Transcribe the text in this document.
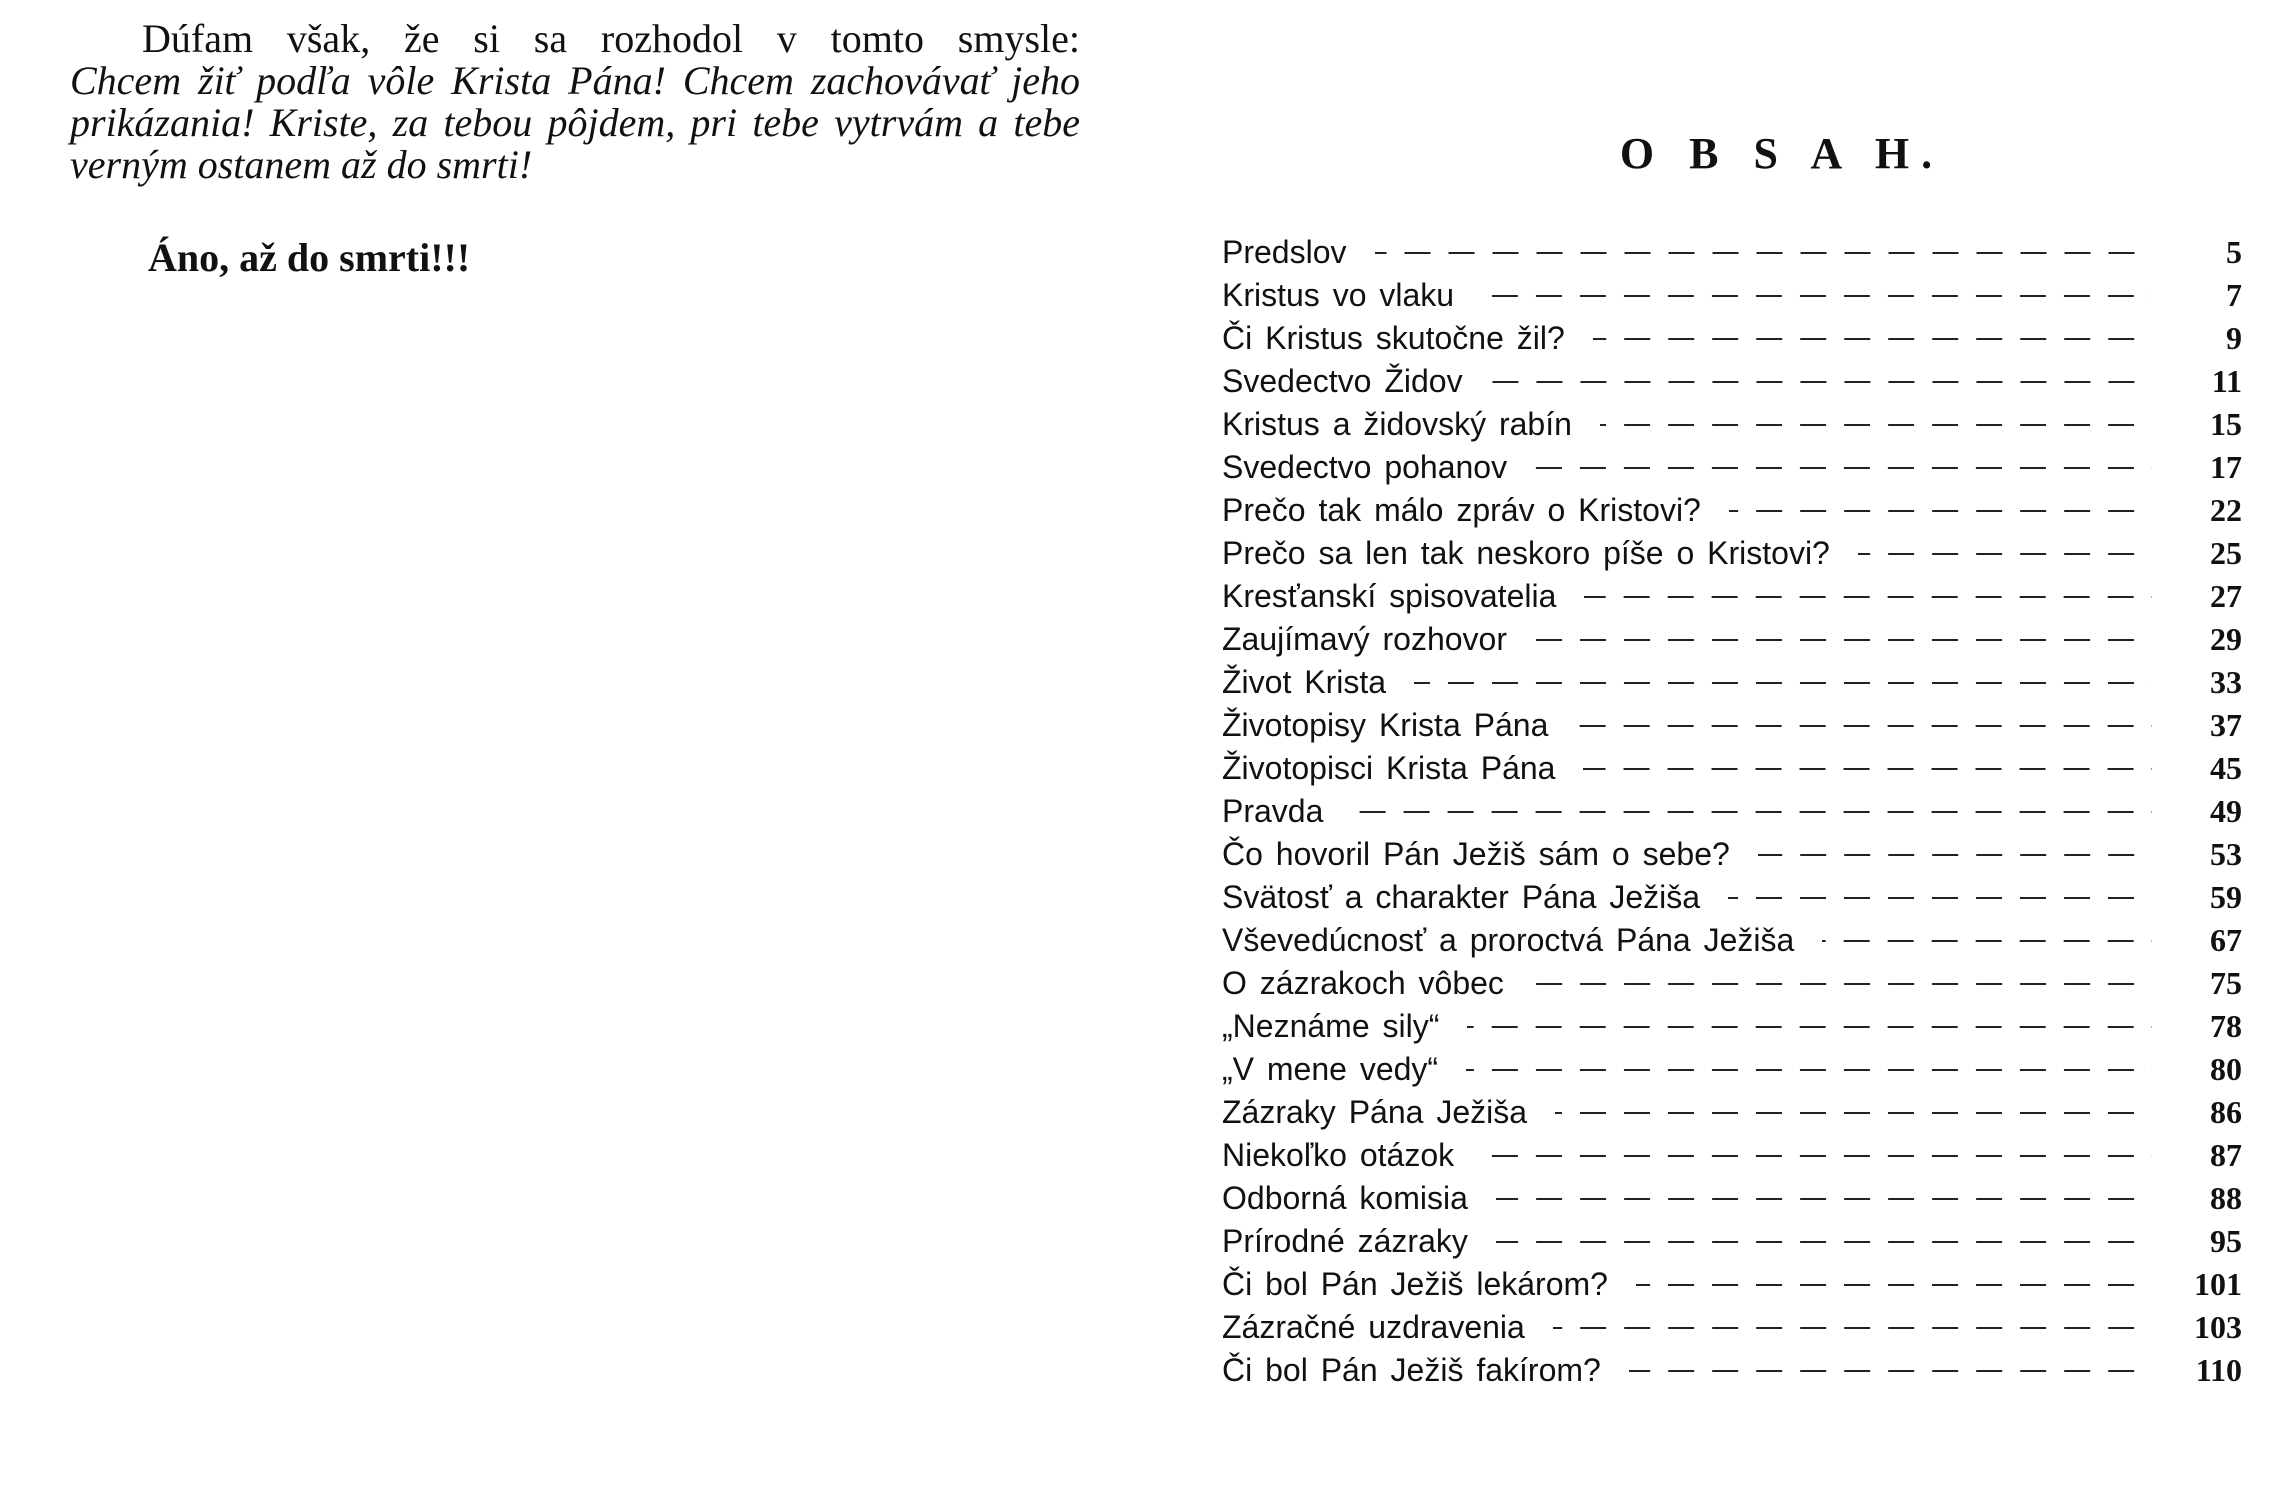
Dúfam však, že si sa rozhodol v tomto smysle:
Chcem žiť podľa vôle Krista Pána! Chcem zachovávať jeho prikázania! Kriste, za tebou pôjdem, pri tebe vytrvám a tebe verným ostanem až do smrti!

Áno, až do smrti!!!
O B S A H.
Predslov	5
Kristus vo vlaku	7
Či Kristus skutočne žil?	9
Svedectvo Židov	11
Kristus a židovský rabín	15
Svedectvo pohanov	17
Prečo tak málo zpráv o Kristovi?	22
Prečo sa len tak neskoro píše o Kristovi?	25
Kresťanskí spisovatelia	27
Zaujímavý rozhovor	29
Život Krista	33
Životopisy Krista Pána	37
Životopisci Krista Pána	45
Pravda	49
Čo hovoril Pán Ježiš sám o sebe?	53
Svätosť a charakter Pána Ježiša	59
Vševedúcnosť a proroctvá Pána Ježiša	67
O zázrakoch vôbec	75
„Neznáme sily“	78
„V mene vedy“	80
Zázraky Pána Ježiša	86
Niekoľko otázok	87
Odborná komisia	88
Prírodné zázraky	95
Či bol Pán Ježiš lekárom?	101
Zázračné uzdravenia	103
Či bol Pán Ježiš fakírom?	110
